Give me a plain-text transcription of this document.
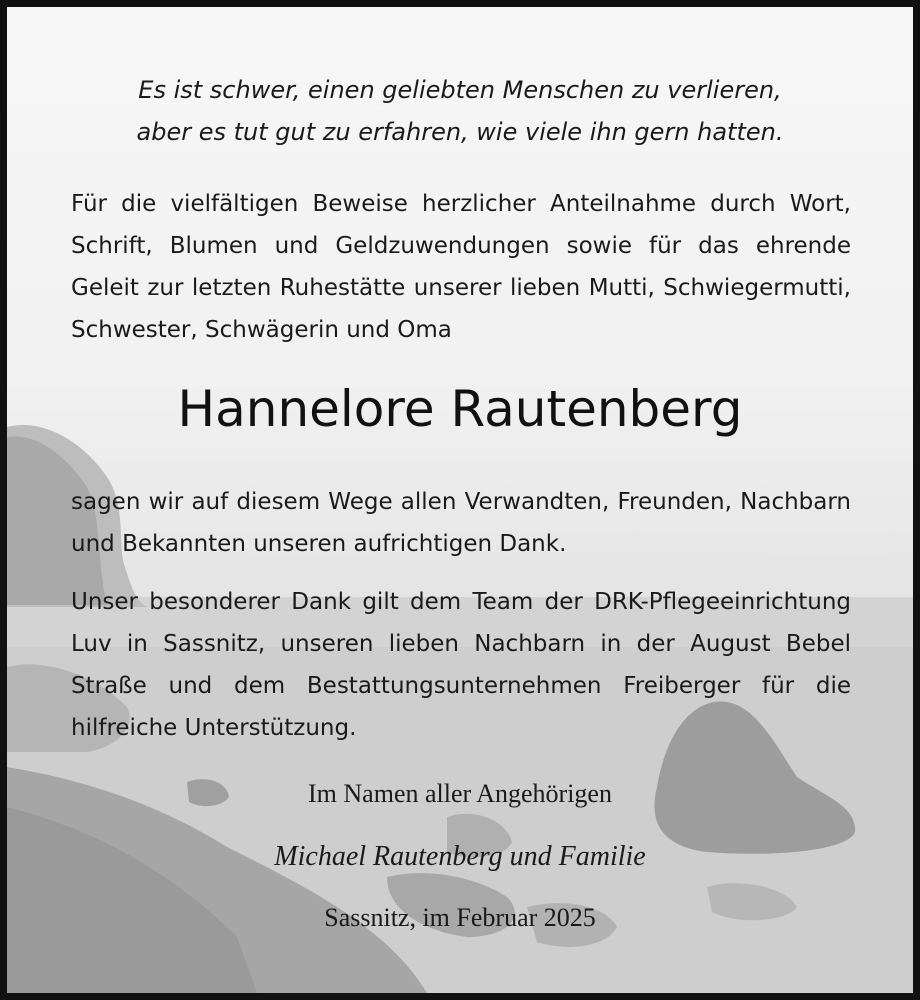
Es ist schwer, einen geliebten Menschen zu verlieren,
aber es tut gut zu erfahren, wie viele ihn gern hatten.
Für die vielfältigen Beweise herzlicher Anteilnahme durch Wort, Schrift, Blumen und Geldzuwendungen sowie für das ehrende Geleit zur letzten Ruhestätte unserer lieben Mutti, Schwiegermutti, Schwester, Schwägerin und Oma
Hannelore Rautenberg
sagen wir auf diesem Wege allen Verwandten, Freunden, Nachbarn und Bekannten unseren aufrichtigen Dank.
Unser besonderer Dank gilt dem Team der DRK-Pflegeeinrichtung Luv in Sassnitz, unseren lieben Nachbarn in der August Bebel Straße und dem Bestattungsunternehmen Freiberger für die hilfreiche Unterstützung.
Im Namen aller Angehörigen
Michael Rautenberg und Familie
Sassnitz, im Februar 2025
